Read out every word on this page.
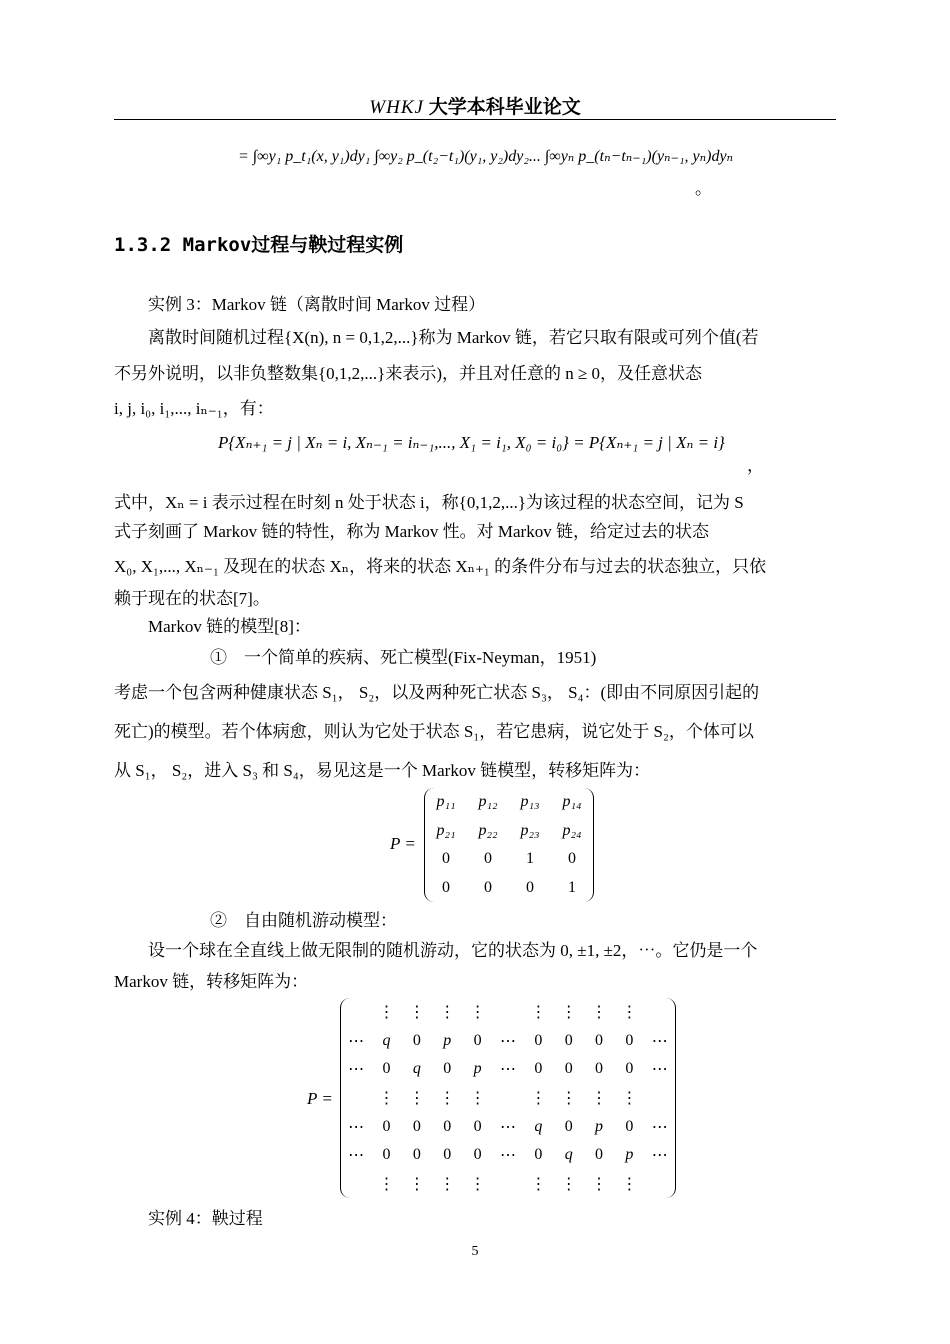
WHKJ 大学本科毕业论文
= ∫∞y₁ p_t₁(x, y₁)dy₁ ∫∞y₂ p_(t₂−t₁)(y₁, y₂)dy₂... ∫∞yₙ p_(tₙ−tₙ₋₁)(yₙ₋₁, yₙ)dyₙ
。
1.3.2 Markov过程与鞅过程实例
实例 3：Markov 链（离散时间 Markov 过程）
离散时间随机过程{X(n), n = 0,1,2,...}称为 Markov 链，若它只取有限或可列个值(若
不另外说明，以非负整数集{0,1,2,...}来表示)，并且对任意的 n ≥ 0，及任意状态
i, j, i₀, i₁,..., iₙ₋₁，有：
P{Xₙ₊₁ = j | Xₙ = i, Xₙ₋₁ = iₙ₋₁,..., X₁ = i₁, X₀ = i₀} = P{Xₙ₊₁ = j | Xₙ = i}
，
式中，Xₙ = i 表示过程在时刻 n 处于状态 i，称{0,1,2,...}为该过程的状态空间，记为 S
式子刻画了 Markov 链的特性，称为 Markov 性。对 Markov 链，给定过去的状态
X₀, X₁,..., Xₙ₋₁ 及现在的状态 Xₙ，将来的状态 Xₙ₊₁ 的条件分布与过去的状态独立，只依
赖于现在的状态[7]。
Markov 链的模型[8]：
①　一个简单的疾病、死亡模型(Fix-Neyman，1951)
考虑一个包含两种健康状态 S₁， S₂，以及两种死亡状态 S₃， S₄：(即由不同原因引起的
死亡)的模型。若个体病愈，则认为它处于状态 S₁，若它患病，说它处于 S₂，个体可以
从 S₁， S₂，进入 S₃ 和 S₄，易见这是一个 Markov 链模型，转移矩阵为：
P =
p₁₁	p₁₂	p₁₃	p₁₄
p₂₁	p₂₂	p₂₃	p₂₄
0	0	1	0
0	0	0	1
②　自由随机游动模型：
设一个球在全直线上做无限制的随机游动，它的状态为 0, ±1, ±2，⋯。它仍是一个
Markov 链，转移矩阵为：
P =
	⋮	⋮	⋮	⋮		⋮	⋮	⋮	⋮	
⋯	q	0	p	0	⋯	0	0	0	0	⋯
⋯	0	q	0	p	⋯	0	0	0	0	⋯
	⋮	⋮	⋮	⋮		⋮	⋮	⋮	⋮	
⋯	0	0	0	0	⋯	q	0	p	0	⋯
⋯	0	0	0	0	⋯	0	q	0	p	⋯
	⋮	⋮	⋮	⋮		⋮	⋮	⋮	⋮	
实例 4：鞅过程
5
